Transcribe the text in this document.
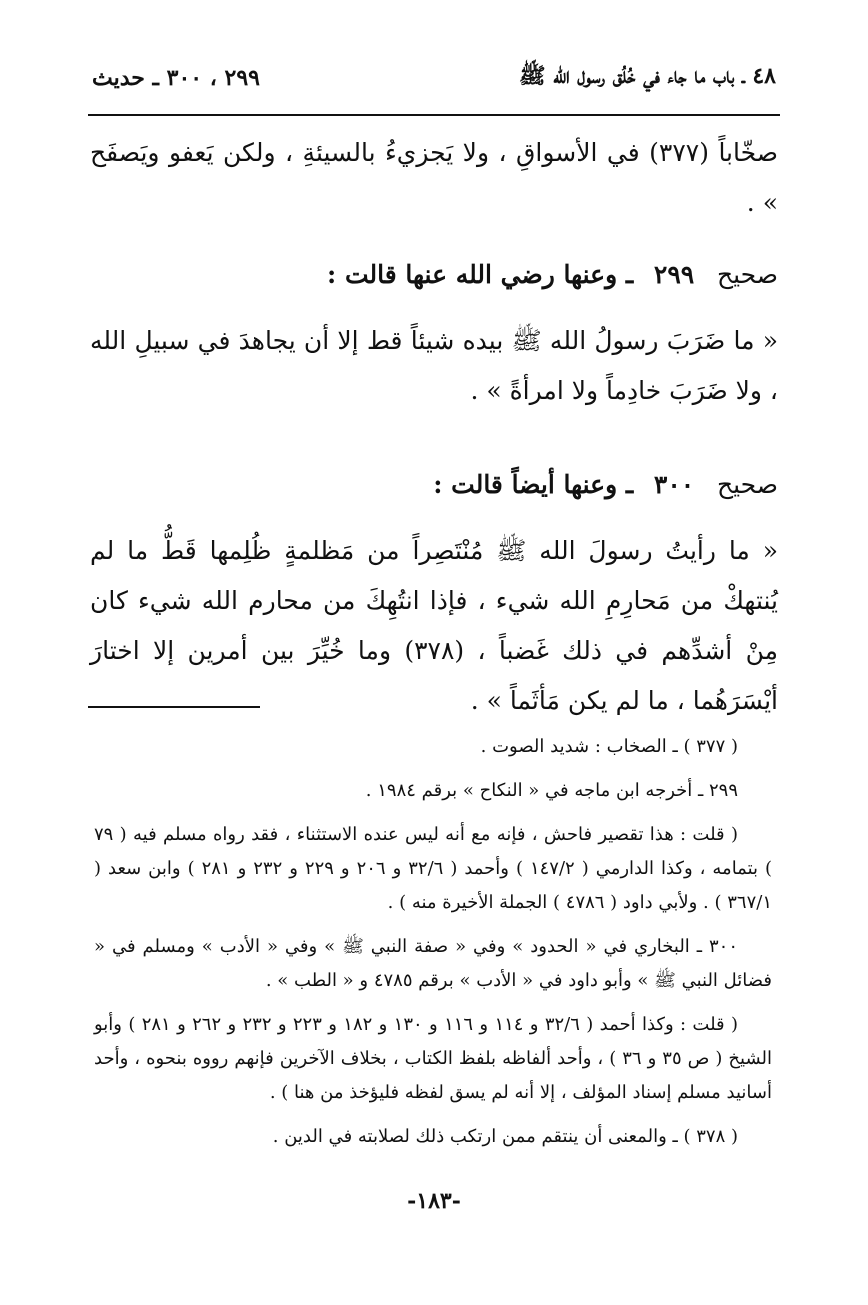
٤٨ ـ باب ما جاء في خُلُق رسول الله ﷺ
٢٩٩ ، ٣٠٠ ـ حديث

صخّاباً (٣٧٧) في الأسواقِ ، ولا يَجزيءُ بالسيئةِ ، ولكن يَعفو ويَصفَح » .

صحيح ٢٩٩ ـ وعنها رضي الله عنها قالت :

« ما ضَرَبَ رسولُ الله ﷺ بيده شيئاً قط إلا أن يجاهدَ في سبيلِ الله ، ولا ضَرَبَ خادِماً ولا امرأةً » .

صحيح ٣٠٠ ـ وعنها أيضاً قالت :

« ما رأيتُ رسولَ الله ﷺ مُنْتَصِراً من مَظلمةٍ ظُلِمها قَطُّ ما لم يُنتهكْ من مَحارِمِ الله شيء ، فإذا انتُهِكَ من محارم الله شيء كان مِنْ أشدِّهم في ذلك غَضباً ، (٣٧٨) وما خُيِّرَ بين أمرين إلا اختارَ أيْسَرَهُما ، ما لم يكن مَأثَماً » .

( ٣٧٧ ) ـ الصخاب : شديد الصوت .

٢٩٩ ـ أخرجه ابن ماجه في « النكاح » برقم ١٩٨٤ .

( قلت : هذا تقصير فاحش ، فإنه مع أنه ليس عنده الاستثناء ، فقد رواه مسلم فيه ( ٧٩ ) بتمامه ، وكذا الدارمي ( ١٤٧/٢ ) وأحمد ( ٣٢/٦ و ٢٠٦ و ٢٢٩ و ٢٣٢ و ٢٨١ ) وابن سعد ( ٣٦٧/١ ) . ولأبي داود ( ٤٧٨٦ ) الجملة الأخيرة منه ) .

٣٠٠ ـ البخاري في « الحدود » وفي « صفة النبي ﷺ » وفي « الأدب » ومسلم في « فضائل النبي ﷺ » وأبو داود في « الأدب » برقم ٤٧٨٥ و « الطب » .

( قلت : وكذا أحمد ( ٣٢/٦ و ١١٤ و ١١٦ و ١٣٠ و ١٨٢ و ٢٢٣ و ٢٣٢ و ٢٦٢ و ٢٨١ ) وأبو الشيخ ( ص ٣٥ و ٣٦ ) ، وأحد ألفاظه بلفظ الكتاب ، بخلاف الآخرين فإنهم رووه بنحوه ، وأحد أسانيد مسلم إسناد المؤلف ، إلا أنه لم يسق لفظه فليؤخذ من هنا ) .

( ٣٧٨ ) ـ والمعنى أن ينتقم ممن ارتكب ذلك لصلابته في الدين .

-١٨٣-
